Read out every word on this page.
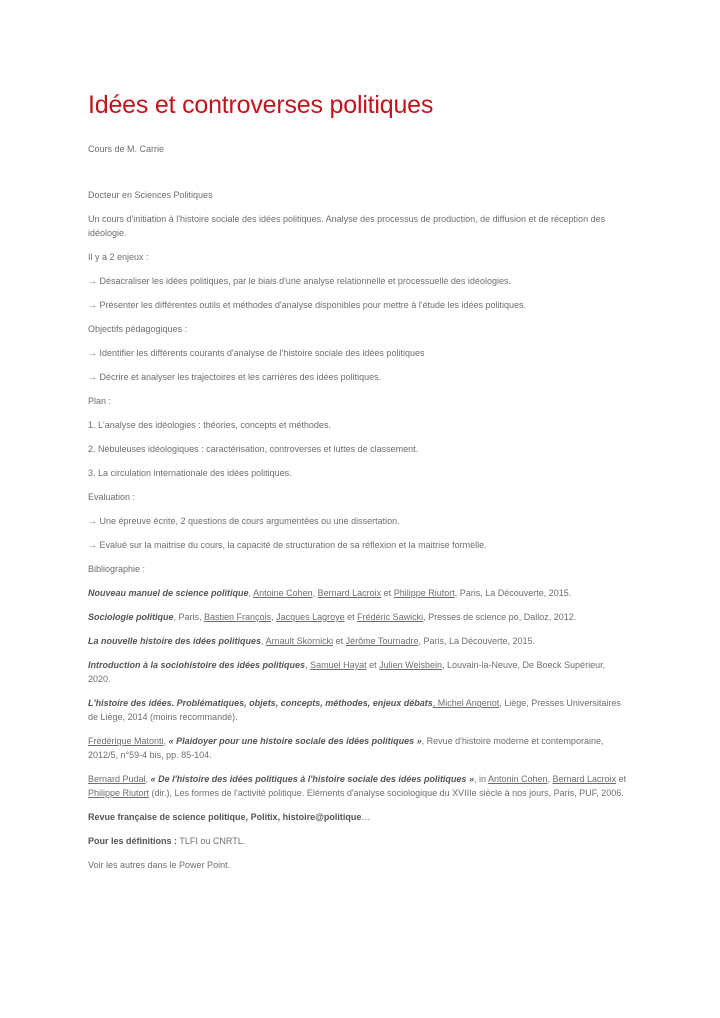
Idées et controverses politiques

Cours de M. Carrie

Docteur en Sciences Politiques

Un cours d'initiation à l'histoire sociale des idées politiques. Analyse des processus de production, de diffusion et de réception des idéologie.

Il y a 2 enjeux :

→ Désacraliser les idées politiques, par le biais d'une analyse relationnelle et processuelle des idéologies.

→ Présenter les différentes outils et méthodes d'analyse disponibles pour mettre à l'étude les idées politiques.

Objectifs pédagogiques :

→ Identifier les différents courants d'analyse de l'histoire sociale des idées politiques

→ Décrire et analyser les trajectoires et les carrières des idées politiques.

Plan :

1. L'analyse des idéologies : théories, concepts et méthodes.

2. Nébuleuses idéologiques : caractérisation, controverses et luttes de classement.

3. La circulation internationale des idées politiques.

Evaluation :

→ Une épreuve écrite, 2 questions de cours argumentées ou une dissertation.

→ Evalué sur la maitrise du cours, la capacité de structuration de sa réflexion et la maitrise formelle.

Bibliographie :

Nouveau manuel de science politique, Antoine Cohen, Bernard Lacroix et Philippe Riutort, Paris, La Découverte, 2015.

Sociologie politique, Paris, Bastien François, Jacques Lagroye et Frédéric Sawicki, Presses de science po, Dalloz, 2012.

La nouvelle histoire des idées politiques, Arnault Skornicki et Jérôme Tournadre, Paris, La Découverte, 2015.

Introduction à la sociohistoire des idées politiques, Samuel Hayat et Julien Weisbein, Louvain-la-Neuve, De Boeck Supérieur, 2020.

L'histoire des idées. Problématiques, objets, concepts, méthodes, enjeux débats, Michel Angenot, Liège, Presses Universitaires de Liège, 2014 (moins recommandé).

Frédérique Matonti, « Plaidoyer pour une histoire sociale des idées politiques », Revue d'histoire moderne et contemporaine, 2012/5, n°59-4 bis, pp. 85-104.

Bernard Pudal, « De l'histoire des idées politiques à l'histoire sociale des idées politiques », in Antonin Cohen, Bernard Lacroix et Philippe Riutort (dir.), Les formes de l'activité politique. Eléments d'analyse sociologique du XVIIIe siècle à nos jours, Paris, PUF, 2006.

Revue française de science politique, Politix, histoire@politique…

Pour les définitions : TLFI ou CNRTL.

Voir les autres dans le Power Point.
